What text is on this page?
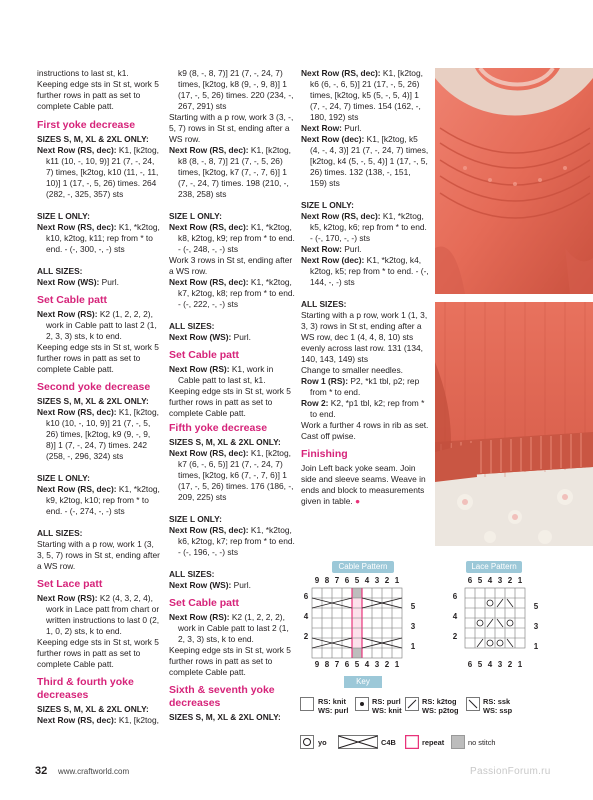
instructions to last st, k1.
Keeping edge sts in St st, work 5 further rows in patt as set to complete Cable patt.
First yoke decrease
SIZES S, M, XL & 2XL ONLY:
Next Row (RS, dec): K1, [k2tog, k11 (10, -, 10, 9)] 21 (7, -, 24, 7) times, [k2tog, k10 (11, -, 11, 10)] 1 (17, -, 5, 26) times. 264 (282, -, 325, 357) sts
SIZE L ONLY:
Next Row (RS, dec): K1, *k2tog, k10, k2tog, k11; rep from * to end. - (-, 300, -, -) sts
ALL SIZES:
Next Row (WS): Purl.
Set Cable patt
Next Row (RS): K2 (1, 2, 2, 2), work in Cable patt to last 2 (1, 2, 3, 3) sts, k to end.
Keeping edge sts in St st, work 5 further rows in patt as set to complete Cable patt.
Second yoke decrease
SIZES S, M, XL & 2XL ONLY:
Next Row (RS, dec): K1, [k2tog, k10 (10, -, 10, 9)] 21 (7, -, 5, 26) times, [k2tog, k9 (9, -, 9, 8)] 1 (7, -, 24, 7) times. 242 (258, -, 296, 324) sts
SIZE L ONLY:
Next Row (RS, dec): K1, *k2tog, k9, k2tog, k10; rep from * to end. - (-, 274, -, -) sts
ALL SIZES:
Starting with a p row, work 1 (3, 3, 5, 7) rows in St st, ending after a WS row.
Set Lace patt
Next Row (RS): K2 (4, 3, 2, 4), work in Lace patt from chart or written instructions to last 0 (2, 1, 0, 2) sts, k to end.
Keeping edge sts in St st, work 5 further rows in patt as set to complete Cable patt.
Third & fourth yoke decreases
SIZES S, M, XL & 2XL ONLY:
Next Row (RS, dec): K1, [k2tog,
k9 (8, -, 8, 7)] 21 (7, -, 24, 7) times, [k2tog, k8 (9, -, 9, 8)] 1 (17, -, 5, 26) times. 220 (234, -, 267, 291) sts
Starting with a p row, work 3 (3, -, 5, 7) rows in St st, ending after a WS row.
Next Row (RS, dec): K1, [k2tog, k8 (8, -, 8, 7)] 21 (7, -, 5, 26) times, [k2tog, k7 (7, -, 7, 6)] 1 (7, -, 24, 7) times. 198 (210, -, 238, 258) sts
SIZE L ONLY:
Next Row (RS, dec): K1, *k2tog, k8, k2tog, k9; rep from * to end. - (-, 248, -, -) sts
Work 3 rows in St st, ending after a WS row.
Next Row (RS, dec): K1, *k2tog, k7, k2tog, k8; rep from * to end. - (-, 222, -, -) sts
ALL SIZES:
Next Row (WS): Purl.
Set Cable patt
Next Row (RS): K1, work in Cable patt to last st, k1.
Keeping edge sts in St st, work 5 further rows in patt as set to complete Cable patt.
Fifth yoke decrease
SIZES S, M, XL & 2XL ONLY:
Next Row (RS, dec): K1, [k2tog, k7 (6, -, 6, 5)] 21 (7, -, 24, 7) times, [k2tog, k6 (7, -, 7, 6)] 1 (17, -, 5, 26) times. 176 (186, -, 209, 225) sts
SIZE L ONLY:
Next Row (RS, dec): K1, *k2tog, k6, k2tog, k7; rep from * to end. - (-, 196, -, -) sts
ALL SIZES:
Next Row (WS): Purl.
Set Cable patt
Next Row (RS): K2 (1, 2, 2, 2), work in Cable patt to last 2 (1, 2, 3, 3) sts, k to end.
Keeping edge sts in St st, work 5 further rows in patt as set to complete Cable patt.
Sixth & seventh yoke decreases
SIZES S, M, XL & 2XL ONLY:
Next Row (RS, dec): K1, [k2tog, k6 (6, -, 6, 5)] 21 (17, -, 5, 26) times, [k2tog, k5 (5, -, 5, 4)] 1 (7, -, 24, 7) times. 154 (162, -, 180, 192) sts
Next Row: Purl.
Next Row (dec): K1, [k2tog, k5 (4, -, 4, 3)] 21 (7, -, 24, 7) times, [k2tog, k4 (5, -, 5, 4)] 1 (17, -, 5, 26) times. 132 (138, -, 151, 159) sts
SIZE L ONLY:
Next Row (RS, dec): K1, *k2tog, k5, k2tog, k6; rep from * to end. - (-, 170, -, -) sts
Next Row: Purl.
Next Row (dec): K1, *k2tog, k4, k2tog, k5; rep from * to end. - (-, 144, -, -) sts
ALL SIZES:
Starting with a p row, work 1 (1, 3, 3, 3) rows in St st, ending after a WS row, dec 1 (4, 4, 8, 10) sts evenly across last row. 131 (134, 140, 143, 149) sts
Change to smaller needles.
Row 1 (RS): P2, *k1 tbl, p2; rep from * to end.
Row 2: K2, *p1 tbl, k2; rep from * to end.
Work a further 4 rows in rib as set.
Cast off pwise.
Finishing
Join Left back yoke seam. Join side and sleeve seams. Weave in ends and block to measurements given in table. ●
Cable Pattern
9 8 7 6 5 4 3 2 1
9 8 7 6 5 4 3 2 1
6
4
2
5
3
1
Lace Pattern
6 5 4 3 2 1
6 5 4 3 2 1
6
4
2
5
3
1
Key
RS: knit
WS: purl
RS: purl
WS: knit
RS: k2tog
WS: p2tog
RS: ssk
WS: ssp
yo	C4B	repeat	no stitch
32 www.craftworld.com	PassionForum.ru
